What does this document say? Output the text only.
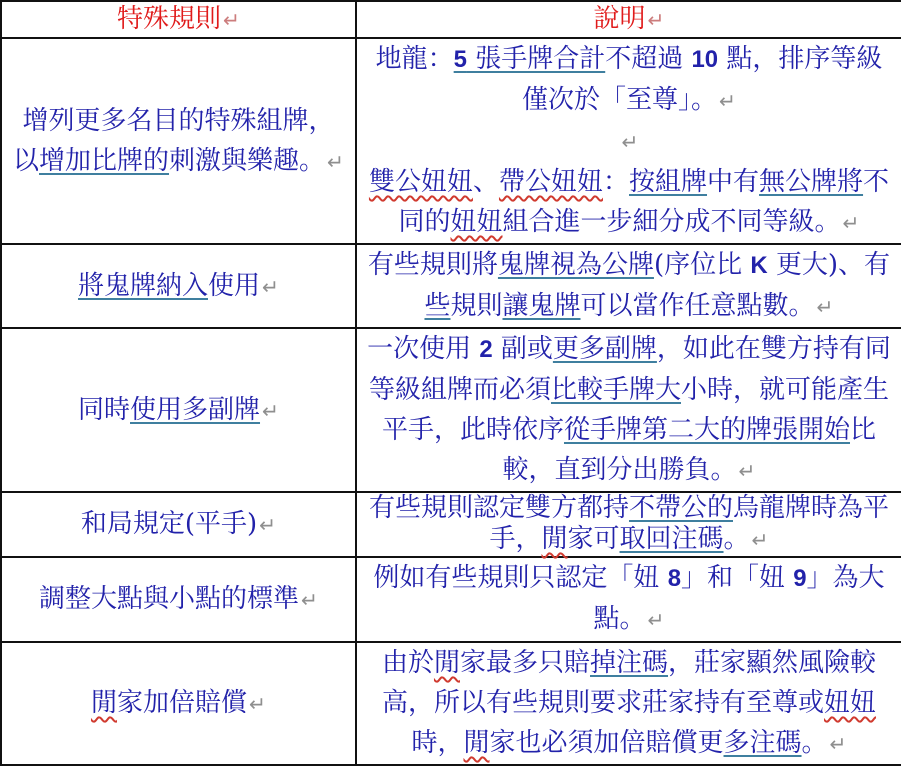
特殊規則↵	說明↵

增列更多名目的特殊組牌，以增加比牌的刺激與樂趣。↵	地龍：5 張手牌合計不超過 10 點，排序等級僅次於「至尊」。↵
↵
雙公妞妞、帶公妞妞：按組牌中有無公牌將不同的妞妞組合進一步細分成不同等級。↵

將鬼牌納入使用↵	有些規則將鬼牌視為公牌(序位比 K 更大)、有些規則讓鬼牌可以當作任意點數。↵

同時使用多副牌↵	一次使用 2 副或更多副牌，如此在雙方持有同等級組牌而必須比較手牌大小時，就可能產生平手，此時依序從手牌第二大的牌張開始比較，直到分出勝負。↵

和局規定(平手)↵	有些規則認定雙方都持不帶公的烏龍牌時為平手，閒家可取回注碼。↵

調整大點與小點的標準↵	例如有些規則只認定「妞 8」和「妞 9」為大點。↵

閒家加倍賠償↵	由於閒家最多只賠掉注碼，莊家顯然風險較高，所以有些規則要求莊家持有至尊或妞妞時，閒家也必須加倍賠償更多注碼。↵
